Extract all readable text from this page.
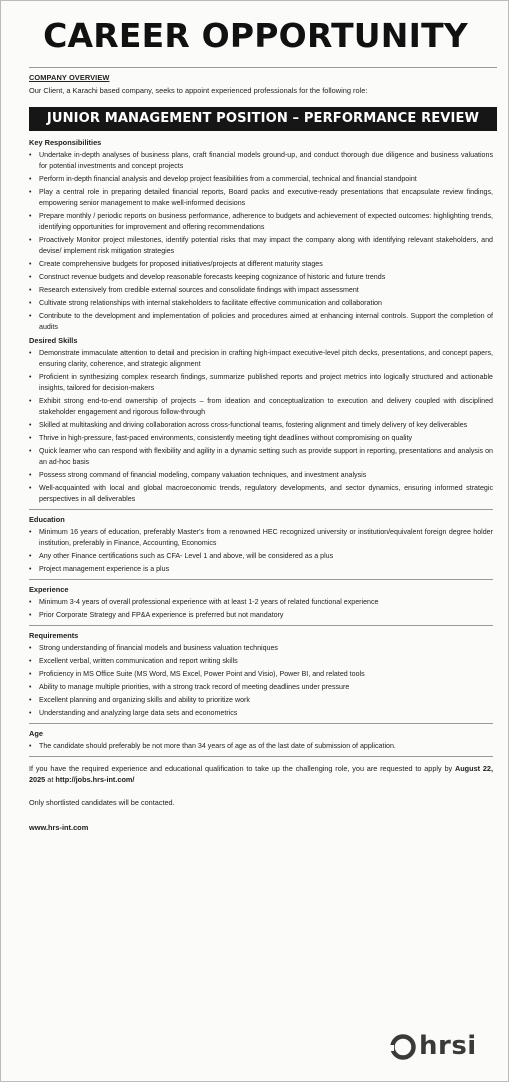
CAREER OPPORTUNITY
COMPANY OVERVIEW
Our Client, a Karachi based company, seeks to appoint experienced professionals for the following role:
JUNIOR MANAGEMENT POSITION – PERFORMANCE REVIEW
Key Responsibilities
• Undertake in-depth analyses of business plans, craft financial models ground-up, and conduct thorough due diligence and business valuations for potential investments and concept projects
• Perform in-depth financial analysis and develop project feasibilities from a commercial, technical and financial standpoint
• Play a central role in preparing detailed financial reports, Board packs and executive-ready presentations that encapsulate review findings, empowering senior management to make well-informed decisions
• Prepare monthly / periodic reports on business performance, adherence to budgets and achievement of expected outcomes: highlighting trends, identifying opportunities for improvement and offering recommendations
• Proactively Monitor project milestones, identify potential risks that may impact the company along with identifying relevant stakeholders, and devise/ implement risk mitigation strategies
• Create comprehensive budgets for proposed initiatives/projects at different maturity stages
• Construct revenue budgets and develop reasonable forecasts keeping cognizance of historic and future trends
• Research extensively from credible external sources and consolidate findings with impact assessment
• Cultivate strong relationships with internal stakeholders to facilitate effective communication and collaboration
• Contribute to the development and implementation of policies and procedures aimed at enhancing internal controls. Support the completion of audits
Desired Skills
• Demonstrate immaculate attention to detail and precision in crafting high-impact executive-level pitch decks, presentations, and concept papers, ensuring clarity, coherence, and strategic alignment
• Proficient in synthesizing complex research findings, summarize published reports and project metrics into logically structured and actionable insights, tailored for decision-makers
• Exhibit strong end-to-end ownership of projects – from ideation and conceptualization to execution and delivery coupled with disciplined stakeholder engagement and rigorous follow-through
• Skilled at multitasking and driving collaboration across cross-functional teams, fostering alignment and timely delivery of key deliverables
• Thrive in high-pressure, fast-paced environments, consistently meeting tight deadlines without compromising on quality
• Quick learner who can respond with flexibility and agility in a dynamic setting such as provide support in reporting, presentations and analysis on an ad-hoc basis
• Possess strong command of financial modeling, company valuation techniques, and investment analysis
• Well-acquainted with local and global macroeconomic trends, regulatory developments, and sector dynamics, ensuring informed strategic perspectives in all deliverables
Education
• Minimum 16 years of education, preferably Master's from a renowned HEC recognized university or institution/equivalent foreign degree holder institution, preferably in Finance, Accounting, Economics
• Any other Finance certifications such as CFA- Level 1 and above, will be considered as a plus
• Project management experience is a plus
Experience
• Minimum 3-4 years of overall professional experience with at least 1-2 years of related functional experience
• Prior Corporate Strategy and FP&A experience is preferred but not mandatory
Requirements
• Strong understanding of financial models and business valuation techniques
• Excellent verbal, written communication and report writing skills
• Proficiency in MS Office Suite (MS Word, MS Excel, Power Point and Visio), Power BI, and related tools
• Ability to manage multiple priorities, with a strong track record of meeting deadlines under pressure
• Excellent planning and organizing skills and ability to prioritize work
• Understanding and analyzing large data sets and econometrics
Age
• The candidate should preferably be not more than 34 years of age as of the last date of submission of application.
If you have the required experience and educational qualification to take up the challenging role, you are requested to apply by August 22, 2025 at http://jobs.hrs-int.com/
Only shortlisted candidates will be contacted.
www.hrs-int.com
hrsi
